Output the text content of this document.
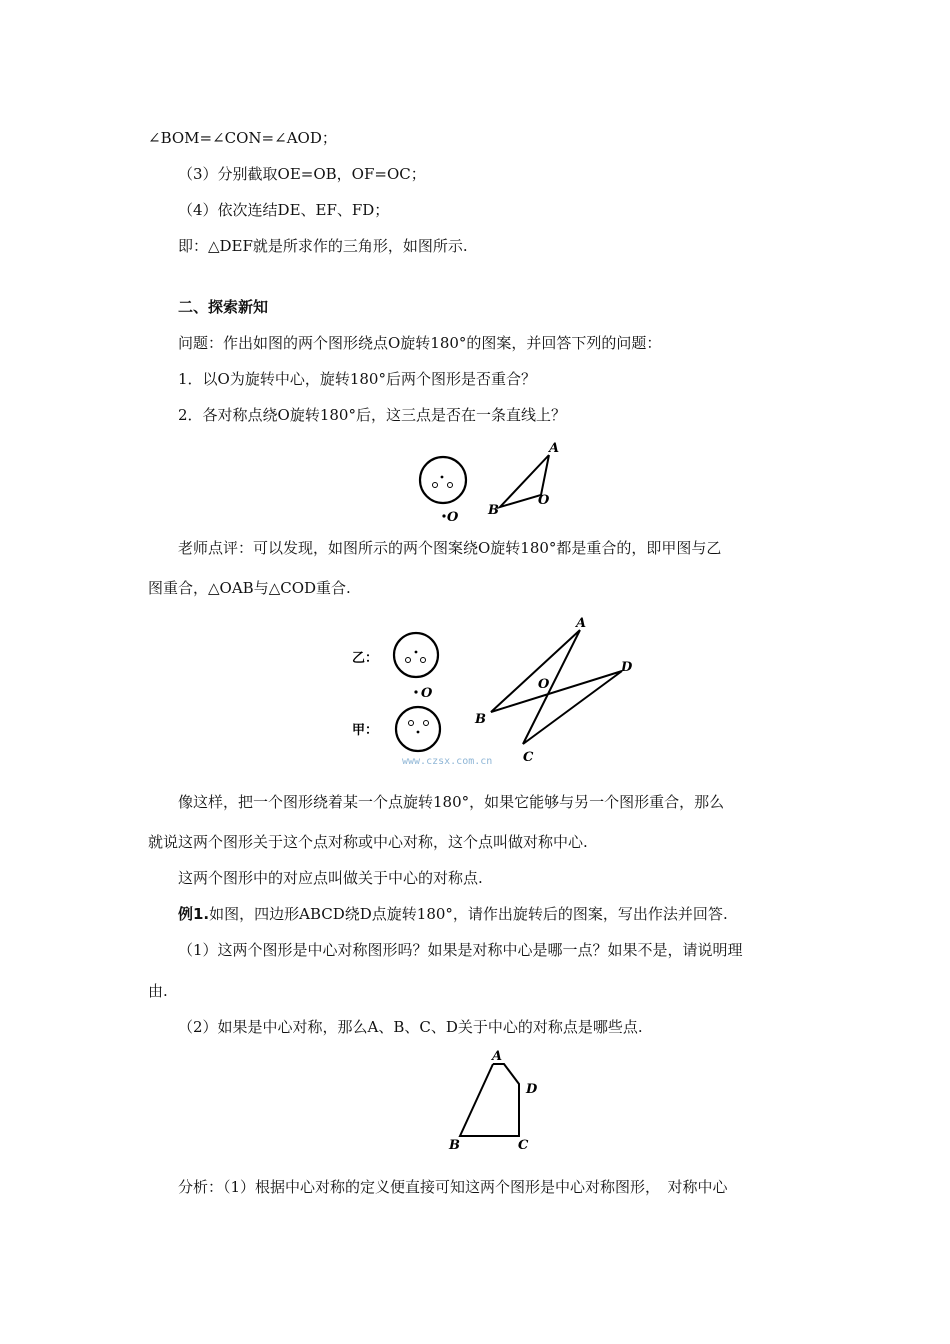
∠BOM=∠CON=∠AOD；
（3）分别截取OE=OB，OF=OC；
（4）依次连结DE、EF、FD；
即：△DEF就是所求作的三角形，如图所示.
二、探索新知
问题：作出如图的两个图形绕点O旋转180°的图案，并回答下列的问题：
1．以O为旋转中心，旋转180°后两个图形是否重合？
2．各对称点绕O旋转180°后，这三点是否在一条直线上？
O
A
B
O
老师点评：可以发现，如图所示的两个图案绕O旋转180°都是重合的，即甲图与乙
图重合，△OAB与△COD重合.
乙：
甲：
O
A
B
C
D
O
www.czsx.com.cn
像这样，把一个图形绕着某一个点旋转180°，如果它能够与另一个图形重合，那么
就说这两个图形关于这个点对称或中心对称，这个点叫做对称中心.
这两个图形中的对应点叫做关于中心的对称点.
例1.如图，四边形ABCD绕D点旋转180°，请作出旋转后的图案，写出作法并回答.
（1）这两个图形是中心对称图形吗？如果是对称中心是哪一点？如果不是，请说明理
由.
（2）如果是中心对称，那么A、B、C、D关于中心的对称点是哪些点.
A
B	C
D
分析：（1）根据中心对称的定义便直接可知这两个图形是中心对称图形，　对称中心
